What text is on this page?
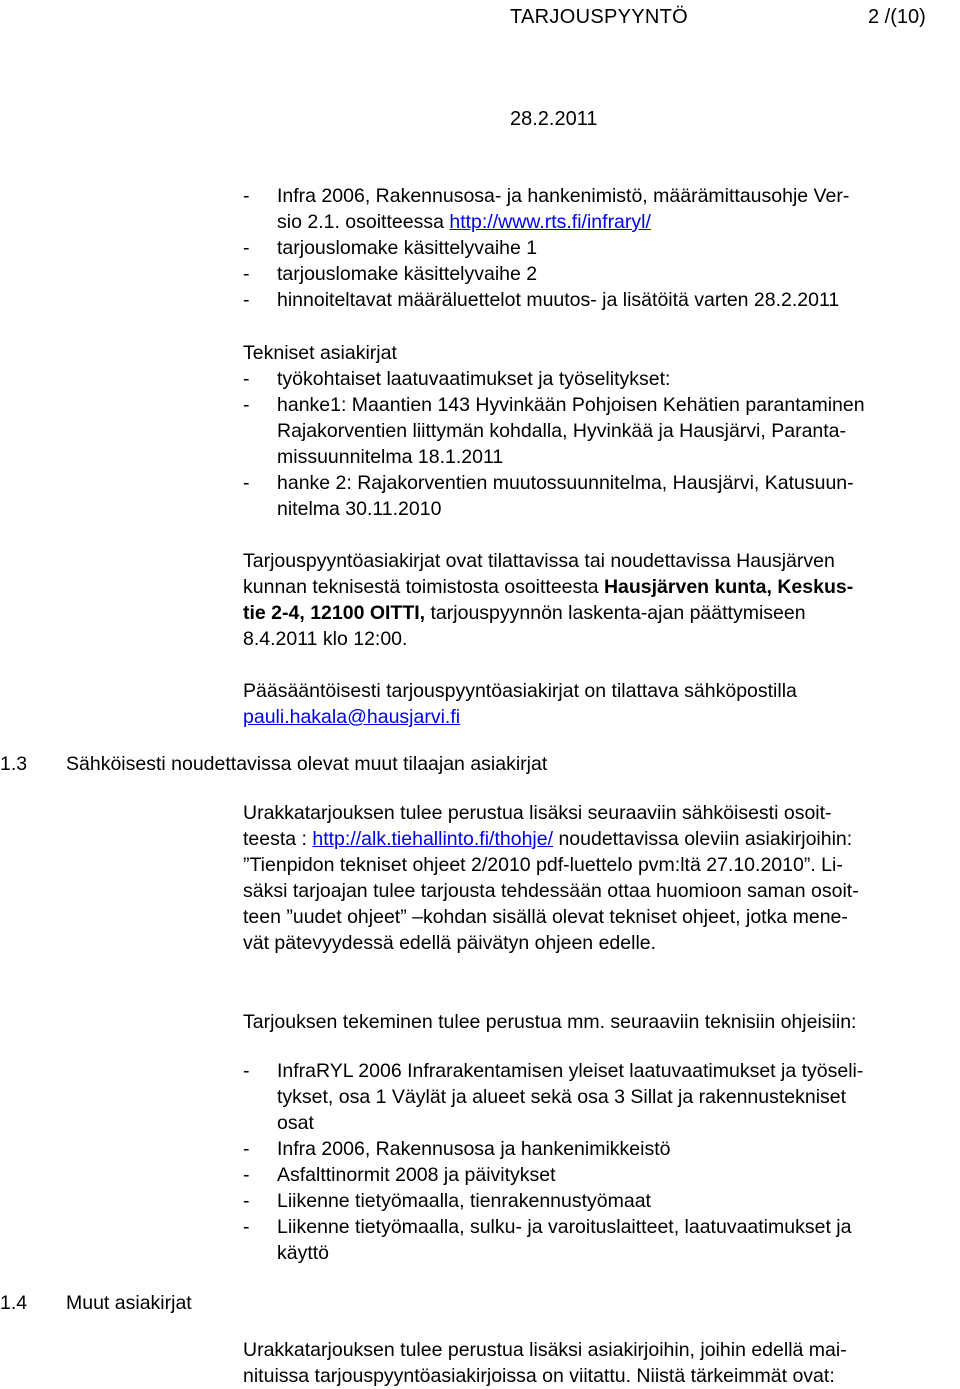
TARJOUSPYYNTÖ	2 /(10)
28.2.2011
- Infra 2006, Rakennusosa- ja hankenimistö, määrämittausohje Ver-
sio 2.1. osoitteessa http://www.rts.fi/infraryl/
- tarjouslomake käsittelyvaihe 1
- tarjouslomake käsittelyvaihe 2
- hinnoiteltavat määräluettelot muutos- ja lisätöitä varten 28.2.2011
Tekniset asiakirjat
- työkohtaiset laatuvaatimukset ja työselitykset:
- hanke1: Maantien 143 Hyvinkään Pohjoisen Kehätien parantaminen
Rajakorventien liittymän kohdalla, Hyvinkää ja Hausjärvi, Paranta-
missuunnitelma 18.1.2011
- hanke 2: Rajakorventien muutossuunnitelma, Hausjärvi, Katusuun-
nitelma 30.11.2010
Tarjouspyyntöasiakirjat ovat tilattavissa tai noudettavissa Hausjärven
kunnan teknisestä toimistosta osoitteesta Hausjärven kunta, Keskus-
tie 2-4, 12100 OITTI, tarjouspyynnön laskenta-ajan päättymiseen
8.4.2011 klo 12:00.
Pääsääntöisesti tarjouspyyntöasiakirjat on tilattava sähköpostilla
pauli.hakala@hausjarvi.fi
1.3 Sähköisesti noudettavissa olevat muut tilaajan asiakirjat
Urakkatarjouksen tulee perustua lisäksi seuraaviin sähköisesti osoit-
teesta : http://alk.tiehallinto.fi/thohje/ noudettavissa oleviin asiakirjoihin:
”Tienpidon tekniset ohjeet 2/2010 pdf-luettelo pvm:ltä 27.10.2010”. Li-
säksi tarjoajan tulee tarjousta tehdessään ottaa huomioon saman osoit-
teen ”uudet ohjeet” –kohdan sisällä olevat tekniset ohjeet, jotka mene-
vät pätevyydessä edellä päivätyn ohjeen edelle.
Tarjouksen tekeminen tulee perustua mm. seuraaviin teknisiin ohjeisiin:
- InfraRYL 2006 Infrarakentamisen yleiset laatuvaatimukset ja työseli-
tykset, osa 1 Väylät ja alueet sekä osa 3 Sillat ja rakennustekniset
osat
- Infra 2006, Rakennusosa ja hankenimikkeistö
- Asfalttinormit 2008 ja päivitykset
- Liikenne tietyömaalla, tienrakennustyömaat
- Liikenne tietyömaalla, sulku- ja varoituslaitteet, laatuvaatimukset ja
käyttö
1.4 Muut asiakirjat
Urakkatarjouksen tulee perustua lisäksi asiakirjoihin, joihin edellä mai-
nituissa tarjouspyyntöasiakirjoissa on viitattu. Niistä tärkeimmät ovat:
